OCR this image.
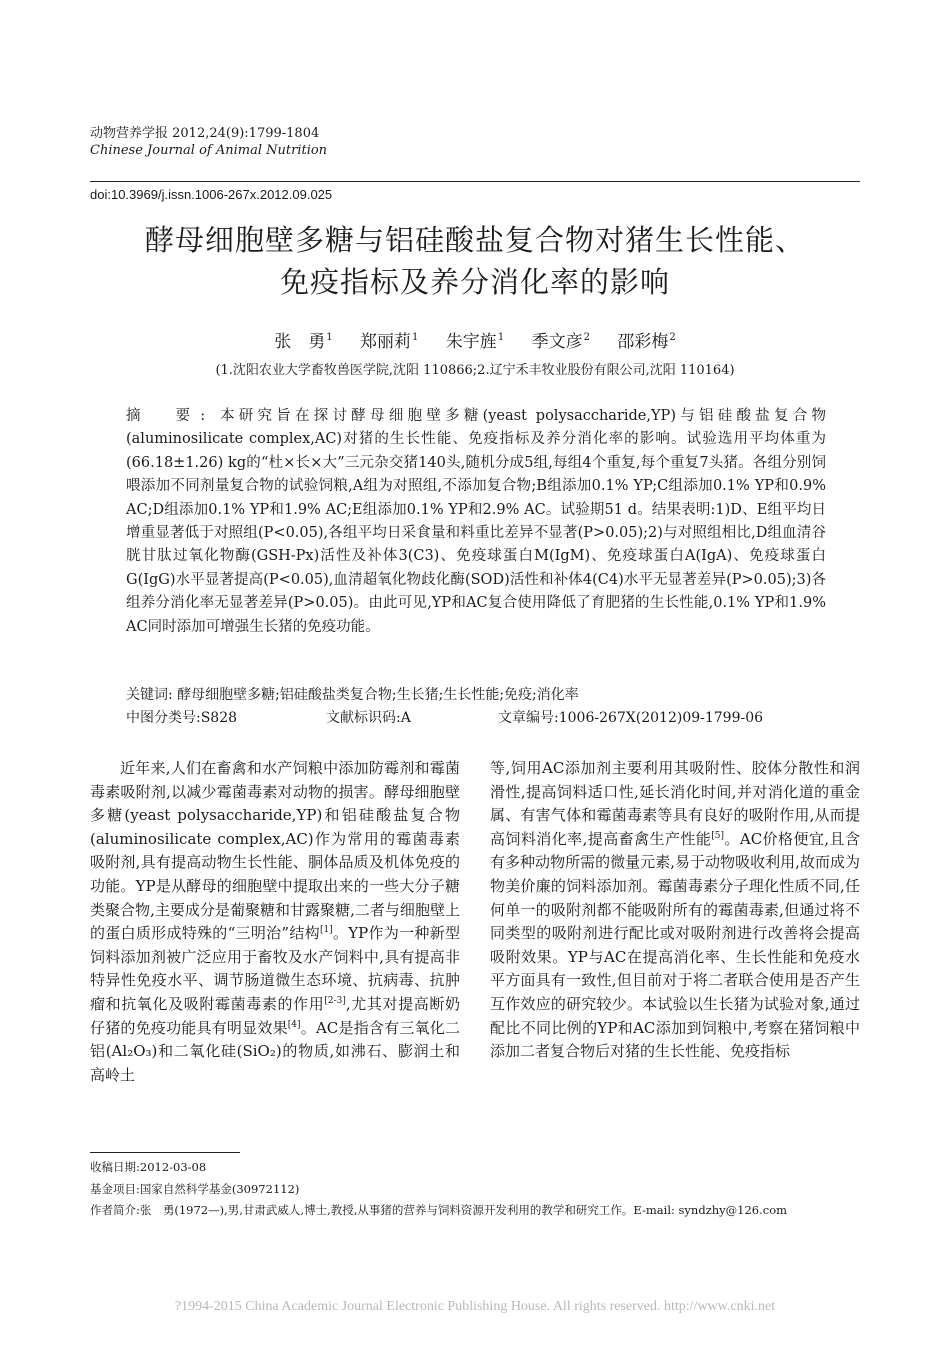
动物营养学报 2012,24(9):1799-1804
Chinese Journal of Animal Nutrition
doi:10.3969/j.issn.1006-267x.2012.09.025
酵母细胞壁多糖与铝硅酸盐复合物对猪生长性能、
免疫指标及养分消化率的影响
张　勇$^1$ 郑丽莉$^1$ 朱宇旌$^1$ 季文彦$^2$ 邵彩梅$^2$
(1.沈阳农业大学畜牧兽医学院,沈阳 110866;2.辽宁禾丰牧业股份有限公司,沈阳 110164)
摘　要: 本研究旨在探讨酵母细胞壁多糖(yeast polysaccharide,YP)与铝硅酸盐复合物(aluminosilicate complex,AC)对猪的生长性能、免疫指标及养分消化率的影响。试验选用平均体重为(66.18±1.26) kg的“杜×长×大”三元杂交猪140头,随机分成5组,每组4个重复,每个重复7头猪。各组分别饲喂添加不同剂量复合物的试验饲粮,A组为对照组,不添加复合物;B组添加0.1% YP;C组添加0.1% YP和0.9% AC;D组添加0.1% YP和1.9% AC;E组添加0.1% YP和2.9% AC。试验期51 d。结果表明:1)D、E组平均日增重显著低于对照组(P<0.05),各组平均日采食量和料重比差异不显著(P>0.05);2)与对照组相比,D组血清谷胱甘肽过氧化物酶(GSH-Px)活性及补体3(C3)、免疫球蛋白M(IgM)、免疫球蛋白A(IgA)、免疫球蛋白G(IgG)水平显著提高(P<0.05),血清超氧化物歧化酶(SOD)活性和补体4(C4)水平无显著差异(P>0.05);3)各组养分消化率无显著差异(P>0.05)。由此可见,YP和AC复合使用降低了育肥猪的生长性能,0.1% YP和1.9% AC同时添加可增强生长猪的免疫功能。
关键词: 酵母细胞壁多糖;铝硅酸盐类复合物;生长猪;生长性能;免疫;消化率
中图分类号:S828	文献标识码:A	文章编号:1006-267X(2012)09-1799-06

近年来,人们在畜禽和水产饲粮中添加防霉剂和霉菌毒素吸附剂,以减少霉菌毒素对动物的损害。酵母细胞壁多糖(yeast polysaccharide,YP)和铝硅酸盐复合物(aluminosilicate complex,AC)作为常用的霉菌毒素吸附剂,具有提高动物生长性能、胴体品质及机体免疫的功能。YP是从酵母的细胞壁中提取出来的一些大分子糖类聚合物,主要成分是葡聚糖和甘露聚糖,二者与细胞壁上的蛋白质形成特殊的“三明治”结构[1]。YP作为一种新型饲料添加剂被广泛应用于畜牧及水产饲料中,具有提高非特异性免疫水平、调节肠道微生态环境、抗病毒、抗肿瘤和抗氧化及吸附霉菌毒素的作用[2-3],尤其对提高断奶仔猪的免疫功能具有明显效果[4]。AC是指含有三氧化二铝(Al₂O₃)和二氧化硅(SiO₂)的物质,如沸石、膨润土和高岭土

等,饲用AC添加剂主要利用其吸附性、胶体分散性和润滑性,提高饲料适口性,延长消化时间,并对消化道的重金属、有害气体和霉菌毒素等具有良好的吸附作用,从而提高饲料消化率,提高畜禽生产性能[5]。AC价格便宜,且含有多种动物所需的微量元素,易于动物吸收利用,故而成为物美价廉的饲料添加剂。霉菌毒素分子理化性质不同,任何单一的吸附剂都不能吸附所有的霉菌毒素,但通过将不同类型的吸附剂进行配比或对吸附剂进行改善将会提高吸附效果。YP与AC在提高消化率、生长性能和免疫水平方面具有一致性,但目前对于将二者联合使用是否产生互作效应的研究较少。本试验以生长猪为试验对象,通过配比不同比例的YP和AC添加到饲粮中,考察在猪饲粮中添加二者复合物后对猪的生长性能、免疫指标

收稿日期:2012-03-08
基金项目:国家自然科学基金(30972112)
作者简介:张　勇(1972—),男,甘肃武威人,博士,教授,从事猪的营养与饲料资源开发利用的教学和研究工作。E-mail: syndzhy@126.com
?1994-2015 China Academic Journal Electronic Publishing House. All rights reserved. http://www.cnki.net
